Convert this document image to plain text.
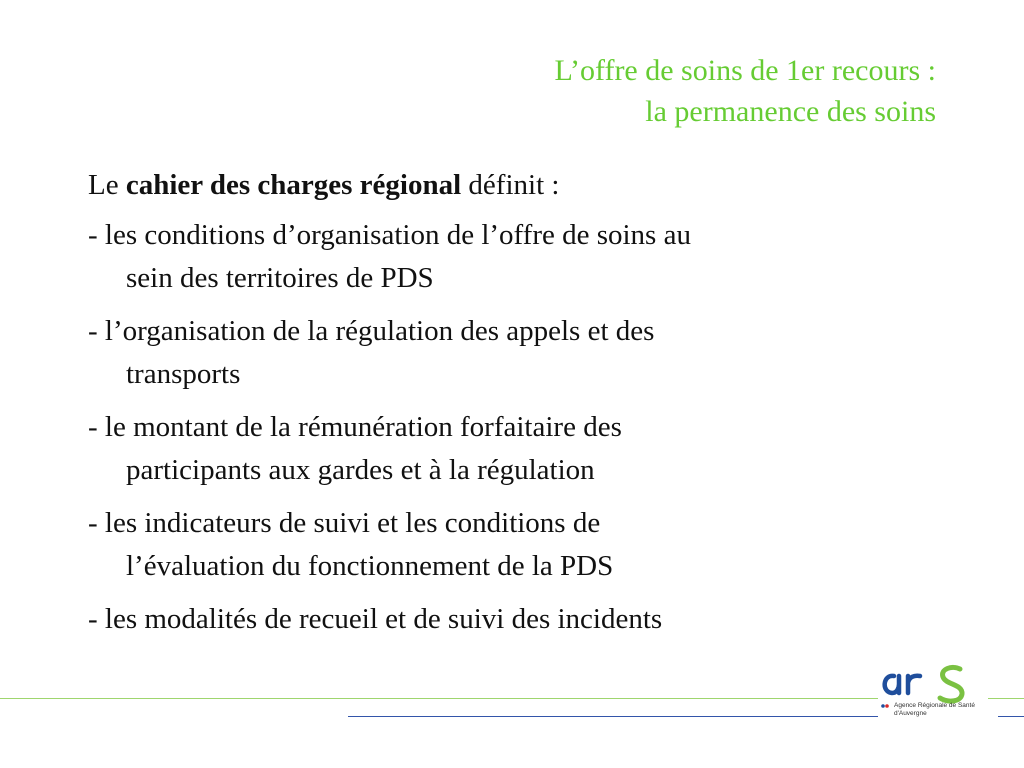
L’offre de soins de 1er recours :
la permanence des soins

Le cahier des charges régional définit :

- les conditions d’organisation de l’offre de soins au
sein des territoires de PDS
- l’organisation de la régulation des appels et des
transports
- le montant de la rémunération forfaitaire des
participants aux gardes et à la régulation
- les indicateurs de suivi et les conditions de
l’évaluation du fonctionnement de la PDS
- les modalités de recueil et de suivi des incidents
Agence Régionale de Santé
d'Auvergne
